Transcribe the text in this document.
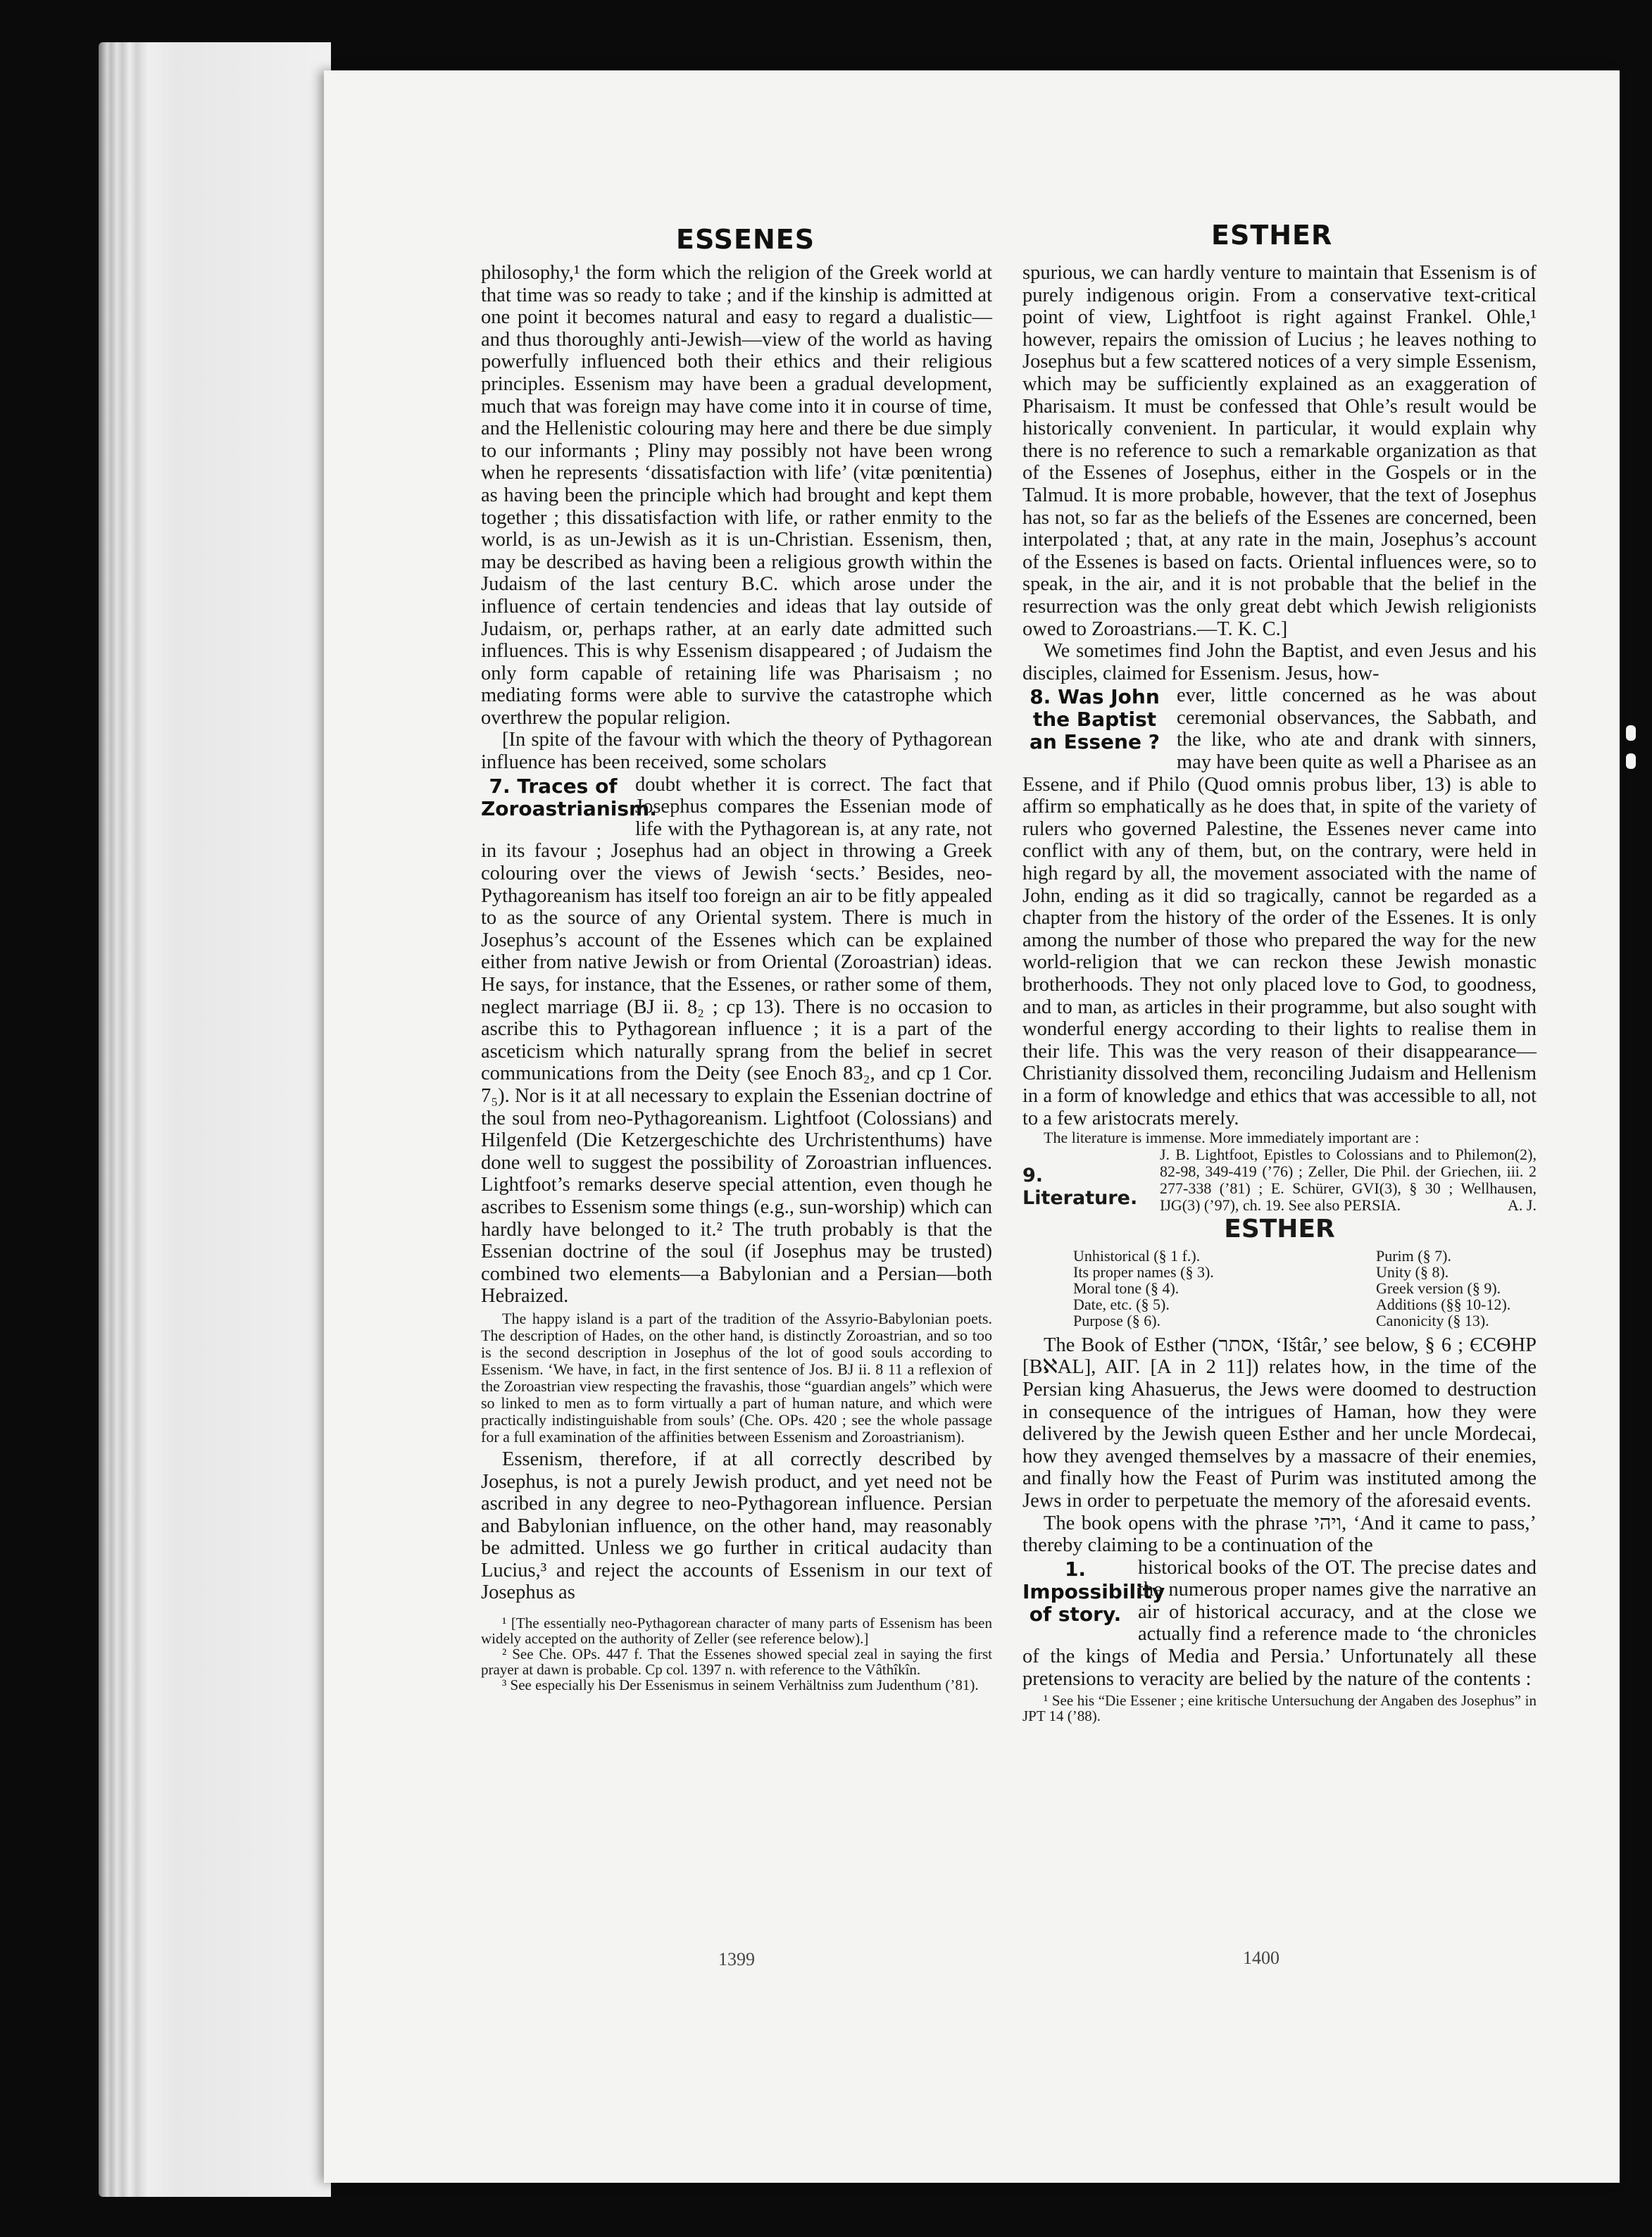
ESSENES	ESTHER

philosophy,¹ the form which the religion of the Greek world at that time was so ready to take ; and if the kinship is admitted at one point it becomes natural and easy to regard a dualistic—and thus thoroughly anti-Jewish—view of the world as having powerfully influenced both their ethics and their religious principles. Essenism may have been a gradual development, much that was foreign may have come into it in course of time, and the Hellenistic colouring may here and there be due simply to our informants ; Pliny may possibly not have been wrong when he represents ‘dissatisfaction with life’ (vitæ pœnitentia) as having been the principle which had brought and kept them together ; this dissatisfaction with life, or rather enmity to the world, is as un-Jewish as it is un-Christian. Essenism, then, may be described as having been a religious growth within the Judaism of the last century B.C. which arose under the influence of certain tendencies and ideas that lay outside of Judaism, or, perhaps rather, at an early date admitted such influences. This is why Essenism disappeared ; of Judaism the only form capable of retaining life was Pharisaism ; no mediating forms were able to survive the catastrophe which overthrew the popular religion.

[In spite of the favour with which the theory of Pythagorean influence has been received, some scholars

7. Traces of Zoroastrianism.

doubt whether it is correct. The fact that Josephus compares the Essenian mode of life with the Pythagorean is, at any rate, not in its favour ; Josephus had an object in throwing a Greek colouring over the views of Jewish ‘sects.’ Besides, neo-Pythagoreanism has itself too foreign an air to be fitly appealed to as the source of any Oriental system. There is much in Josephus’s account of the Essenes which can be explained either from native Jewish or from Oriental (Zoroastrian) ideas. He says, for instance, that the Essenes, or rather some of them, neglect marriage (BJ ii. 8₂ ; cp 13). There is no occasion to ascribe this to Pythagorean influence ; it is a part of the asceticism which naturally sprang from the belief in secret communications from the Deity (see Enoch 83₂, and cp 1 Cor. 7₅). Nor is it at all necessary to explain the Essenian doctrine of the soul from neo-Pythagoreanism. Lightfoot (Colossians) and Hilgenfeld (Die Ketzergeschichte des Urchristenthums) have done well to suggest the possibility of Zoroastrian influences. Lightfoot’s remarks deserve special attention, even though he ascribes to Essenism some things (e.g., sun-worship) which can hardly have belonged to it.² The truth probably is that the Essenian doctrine of the soul (if Josephus may be trusted) combined two elements—a Babylonian and a Persian—both Hebraized.

The happy island is a part of the tradition of the Assyrio-Babylonian poets. The description of Hades, on the other hand, is distinctly Zoroastrian, and so too is the second description in Josephus of the lot of good souls according to Essenism. ‘We have, in fact, in the first sentence of Jos. BJ ii. 8 11 a reflexion of the Zoroastrian view respecting the fravashis, those “guardian angels” which were so linked to men as to form virtually a part of human nature, and which were practically indistinguishable from souls’ (Che. OPs. 420 ; see the whole passage for a full examination of the affinities between Essenism and Zoroastrianism).

Essenism, therefore, if at all correctly described by Josephus, is not a purely Jewish product, and yet need not be ascribed in any degree to neo-Pythagorean influence. Persian and Babylonian influence, on the other hand, may reasonably be admitted. Unless we go further in critical audacity than Lucius,³ and reject the accounts of Essenism in our text of Josephus as

¹ [The essentially neo-Pythagorean character of many parts of Essenism has been widely accepted on the authority of Zeller (see reference below).]

² See Che. OPs. 447 f. That the Essenes showed special zeal in saying the first prayer at dawn is probable. Cp col. 1397 n. with reference to the Vâthîkîn.

³ See especially his Der Essenismus in seinem Verhältniss zum Judenthum (’81).

1399

spurious, we can hardly venture to maintain that Essenism is of purely indigenous origin. From a conservative text-critical point of view, Lightfoot is right against Frankel. Ohle,¹ however, repairs the omission of Lucius ; he leaves nothing to Josephus but a few scattered notices of a very simple Essenism, which may be sufficiently explained as an exaggeration of Pharisaism. It must be confessed that Ohle’s result would be historically convenient. In particular, it would explain why there is no reference to such a remarkable organization as that of the Essenes of Josephus, either in the Gospels or in the Talmud. It is more probable, however, that the text of Josephus has not, so far as the beliefs of the Essenes are concerned, been interpolated ; that, at any rate in the main, Josephus’s account of the Essenes is based on facts. Oriental influences were, so to speak, in the air, and it is not probable that the belief in the resurrection was the only great debt which Jewish religionists owed to Zoroastrians.—T. K. C.]

We sometimes find John the Baptist, and even Jesus and his disciples, claimed for Essenism. Jesus, how-

8. Was John the Baptist an Essene ?

ever, little concerned as he was about ceremonial observances, the Sabbath, and the like, who ate and drank with sinners, may have been quite as well a Pharisee as an Essene, and if Philo (Quod omnis probus liber, 13) is able to affirm so emphatically as he does that, in spite of the variety of rulers who governed Palestine, the Essenes never came into conflict with any of them, but, on the contrary, were held in high regard by all, the movement associated with the name of John, ending as it did so tragically, cannot be regarded as a chapter from the history of the order of the Essenes. It is only among the number of those who prepared the way for the new world-religion that we can reckon these Jewish monastic brotherhoods. They not only placed love to God, to goodness, and to man, as articles in their programme, but also sought with wonderful energy according to their lights to realise them in their life. This was the very reason of their disappearance—Christianity dissolved them, reconciling Judaism and Hellenism in a form of knowledge and ethics that was accessible to all, not to a few aristocrats merely.

The literature is immense. More immediately important are :

9. Literature.
J. B. Lightfoot, Epistles to Colossians and to Philemon(2), 82-98, 349-419 (’76) ; Zeller, Die Phil. der Griechen, iii. 2 277-338 (’81) ; E. Schürer, GVI(3), § 30 ; Wellhausen, IJG(3) (’97), ch. 19. See also PERSIA.	A. J.
ESTHER
Unhistorical (§ 1 f.).	Purim (§ 7).
Its proper names (§ 3).	Unity (§ 8).
Moral tone (§ 4).	Greek version (§ 9).
Date, etc. (§ 5).	Additions (§§ 10-12).
Purpose (§ 6).	Canonicity (§ 13).

The Book of Esther (אסתר, ‘Ištâr,’ see below, § 6 ; ЄСѲΗΡ [BℵAL], ΑΙΓ. [A in 2 11]) relates how, in the time of the Persian king Ahasuerus, the Jews were doomed to destruction in consequence of the intrigues of Haman, how they were delivered by the Jewish queen Esther and her uncle Mordecai, how they avenged themselves by a massacre of their enemies, and finally how the Feast of Purim was instituted among the Jews in order to perpetuate the memory of the aforesaid events.

The book opens with the phrase ויהי, ‘And it came to pass,’ thereby claiming to be a continuation of the

1. Impossibility of story.

historical books of the OT. The precise dates and the numerous proper names give the narrative an air of historical accuracy, and at the close we actually find a reference made to ‘the chronicles of the kings of Media and Persia.’ Unfortunately all these pretensions to veracity are belied by the nature of the contents :

¹ See his “Die Essener ; eine kritische Untersuchung der Angaben des Josephus” in JPT 14 (’88).

1400
